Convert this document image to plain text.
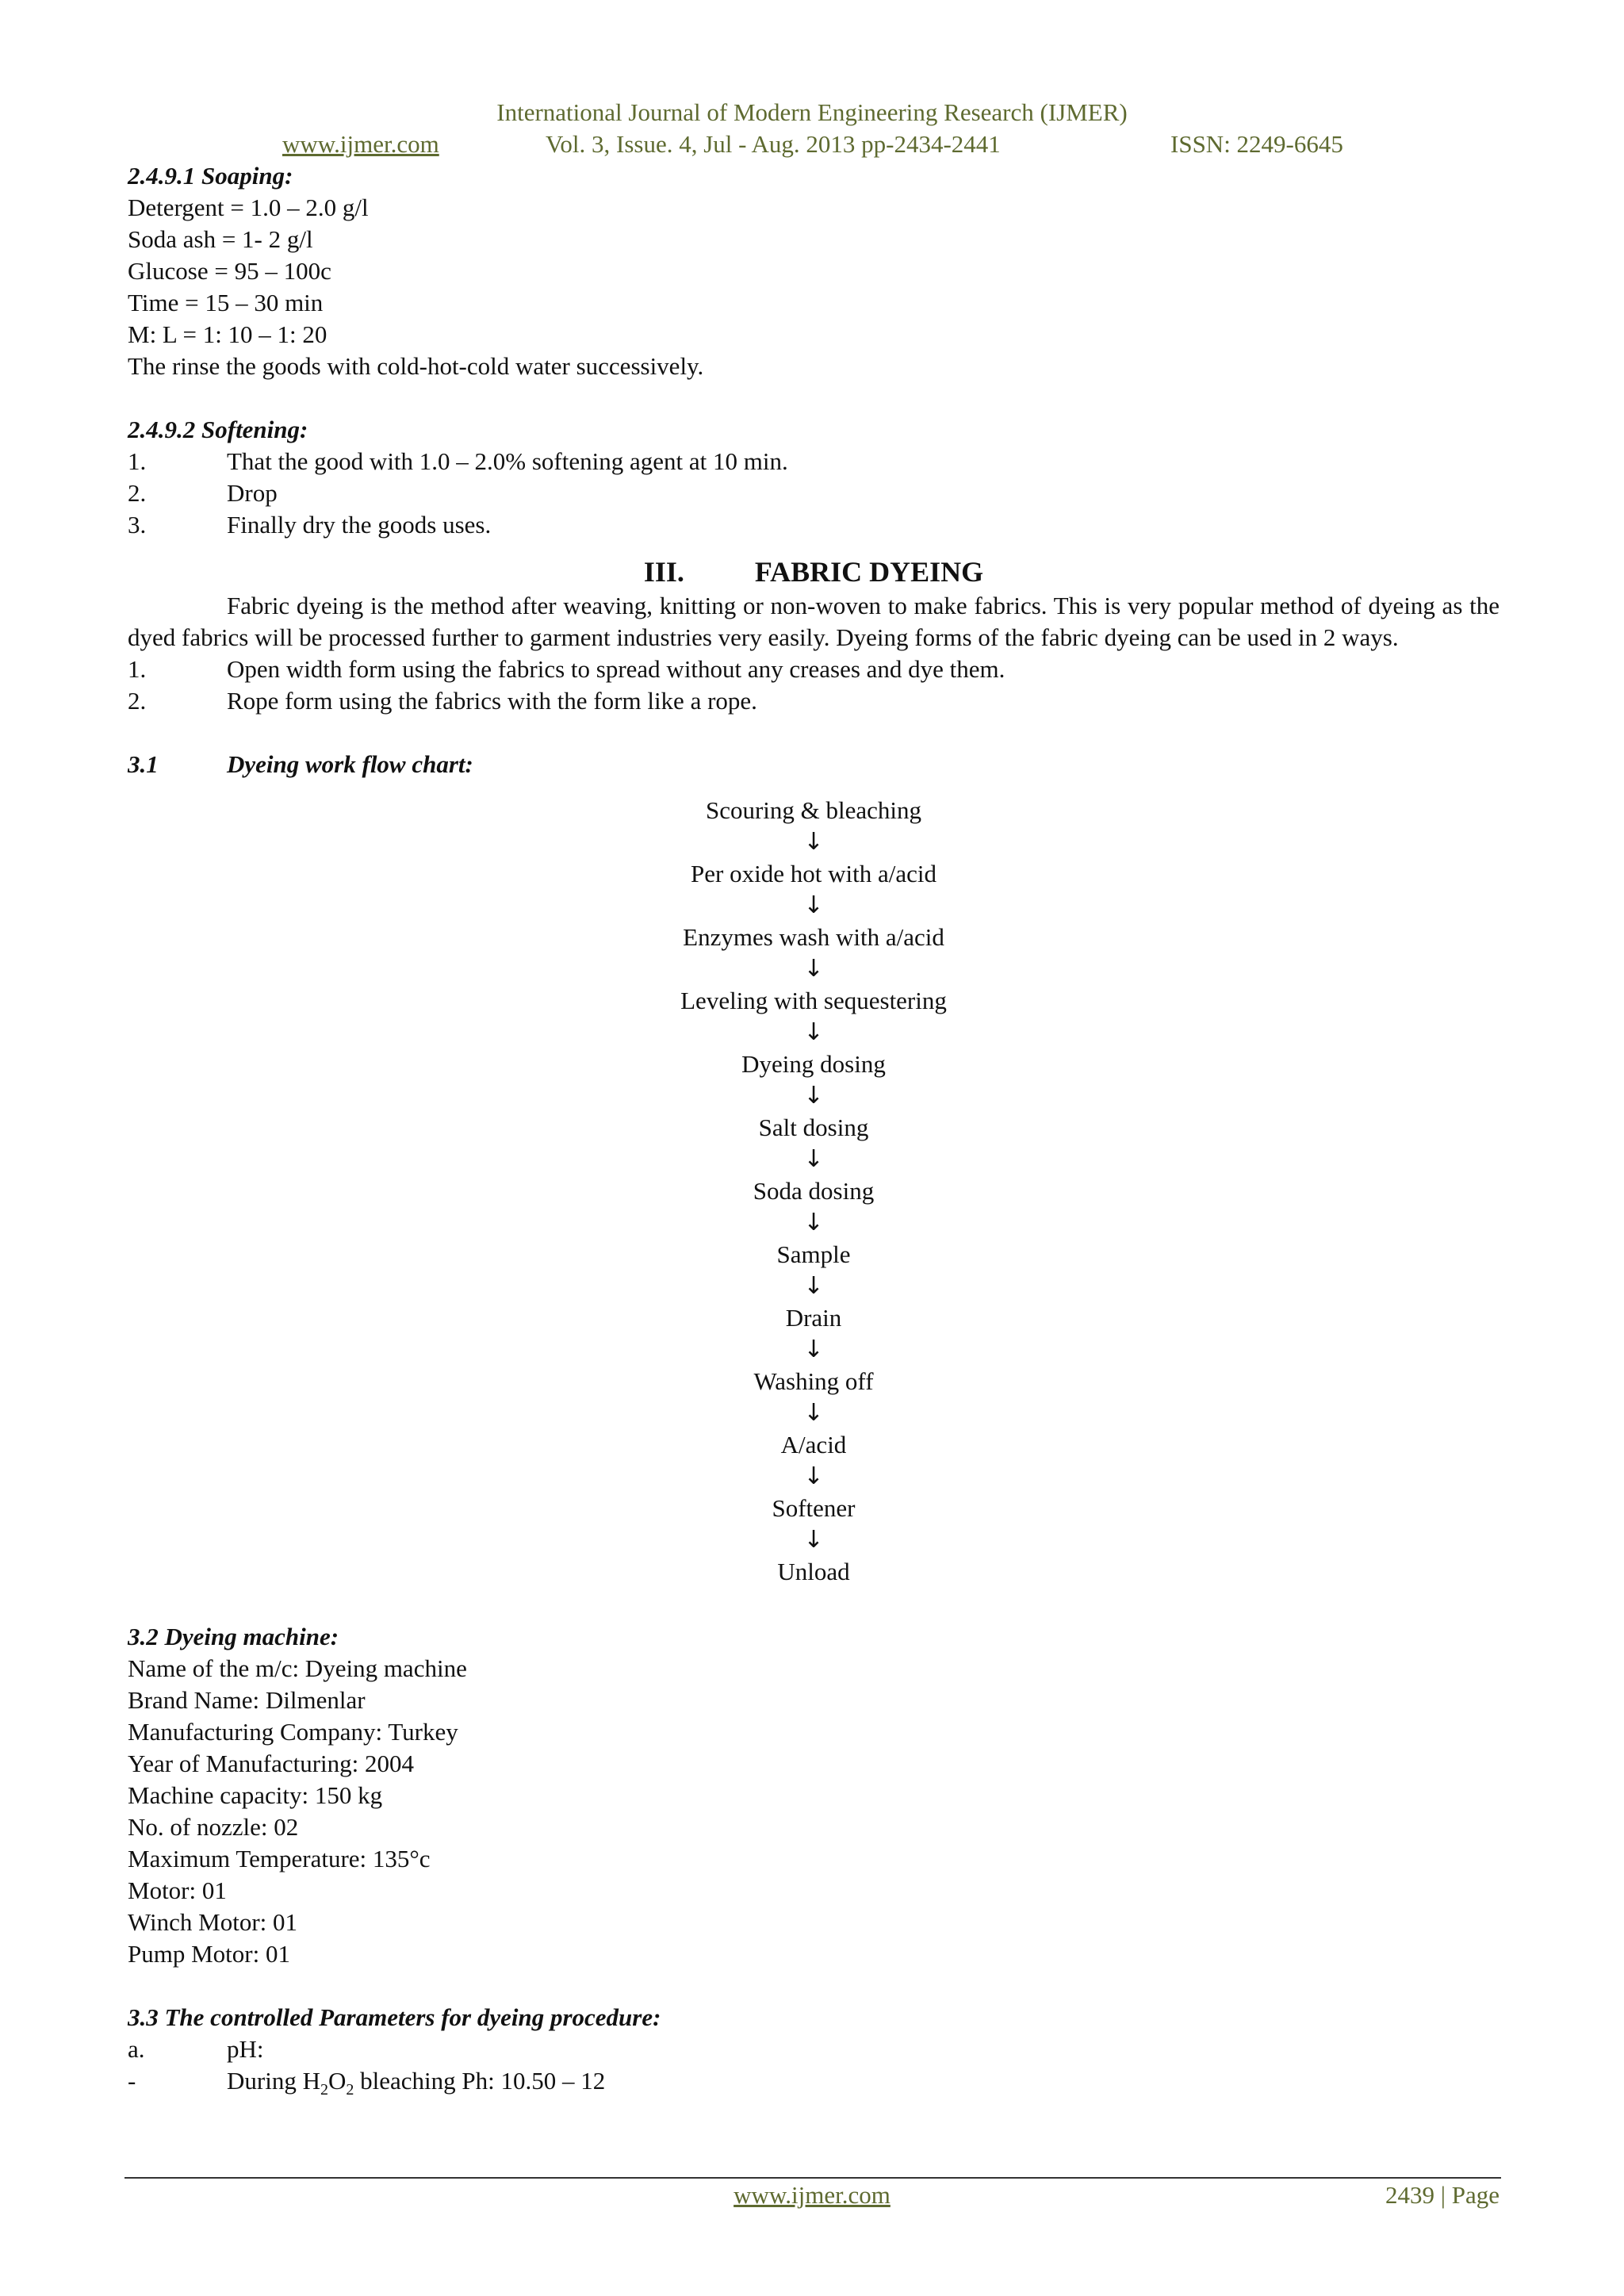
International Journal of Modern Engineering Research (IJMER)
www.ijmer.com	Vol. 3, Issue. 4, Jul - Aug. 2013 pp-2434-2441	ISSN: 2249-6645
2.4.9.1 Soaping:
Detergent = 1.0 – 2.0 g/l
Soda ash = 1- 2 g/l
Glucose = 95 – 100c
Time = 15 – 30 min
M: L = 1: 10 – 1: 20
The rinse the goods with cold-hot-cold water successively.
2.4.9.2 Softening:
1.	That the good with 1.0 – 2.0% softening agent at 10 min.
2.	Drop
3.	Finally dry the goods uses.
III. FABRIC DYEING
Fabric dyeing is the method after weaving, knitting or non-woven to make fabrics. This is very popular method of dyeing as the dyed fabrics will be processed further to garment industries very easily. Dyeing forms of the fabric dyeing can be used in 2 ways.
1.	Open width form using the fabrics to spread without any creases and dye them.
2.	Rope form using the fabrics with the form like a rope.
3.1	Dyeing work flow chart:
Scouring & bleaching
↓
Per oxide hot with a/acid
↓
Enzymes wash with a/acid
↓
Leveling with sequestering
↓
Dyeing dosing
↓
Salt dosing
↓
Soda dosing
↓
Sample
↓
Drain
↓
Washing off
↓
A/acid
↓
Softener
↓
Unload
3.2 Dyeing machine:
Name of the m/c: Dyeing machine
Brand Name: Dilmenlar
Manufacturing Company: Turkey
Year of Manufacturing: 2004
Machine capacity: 150 kg
No. of nozzle: 02
Maximum Temperature: 135°c
Motor: 01
Winch Motor: 01
Pump Motor: 01
3.3 The controlled Parameters for dyeing procedure:
a.	pH:
-	During $H_2O_2$ bleaching Ph: 10.50 – 12
www.ijmer.com	2439 | Page
